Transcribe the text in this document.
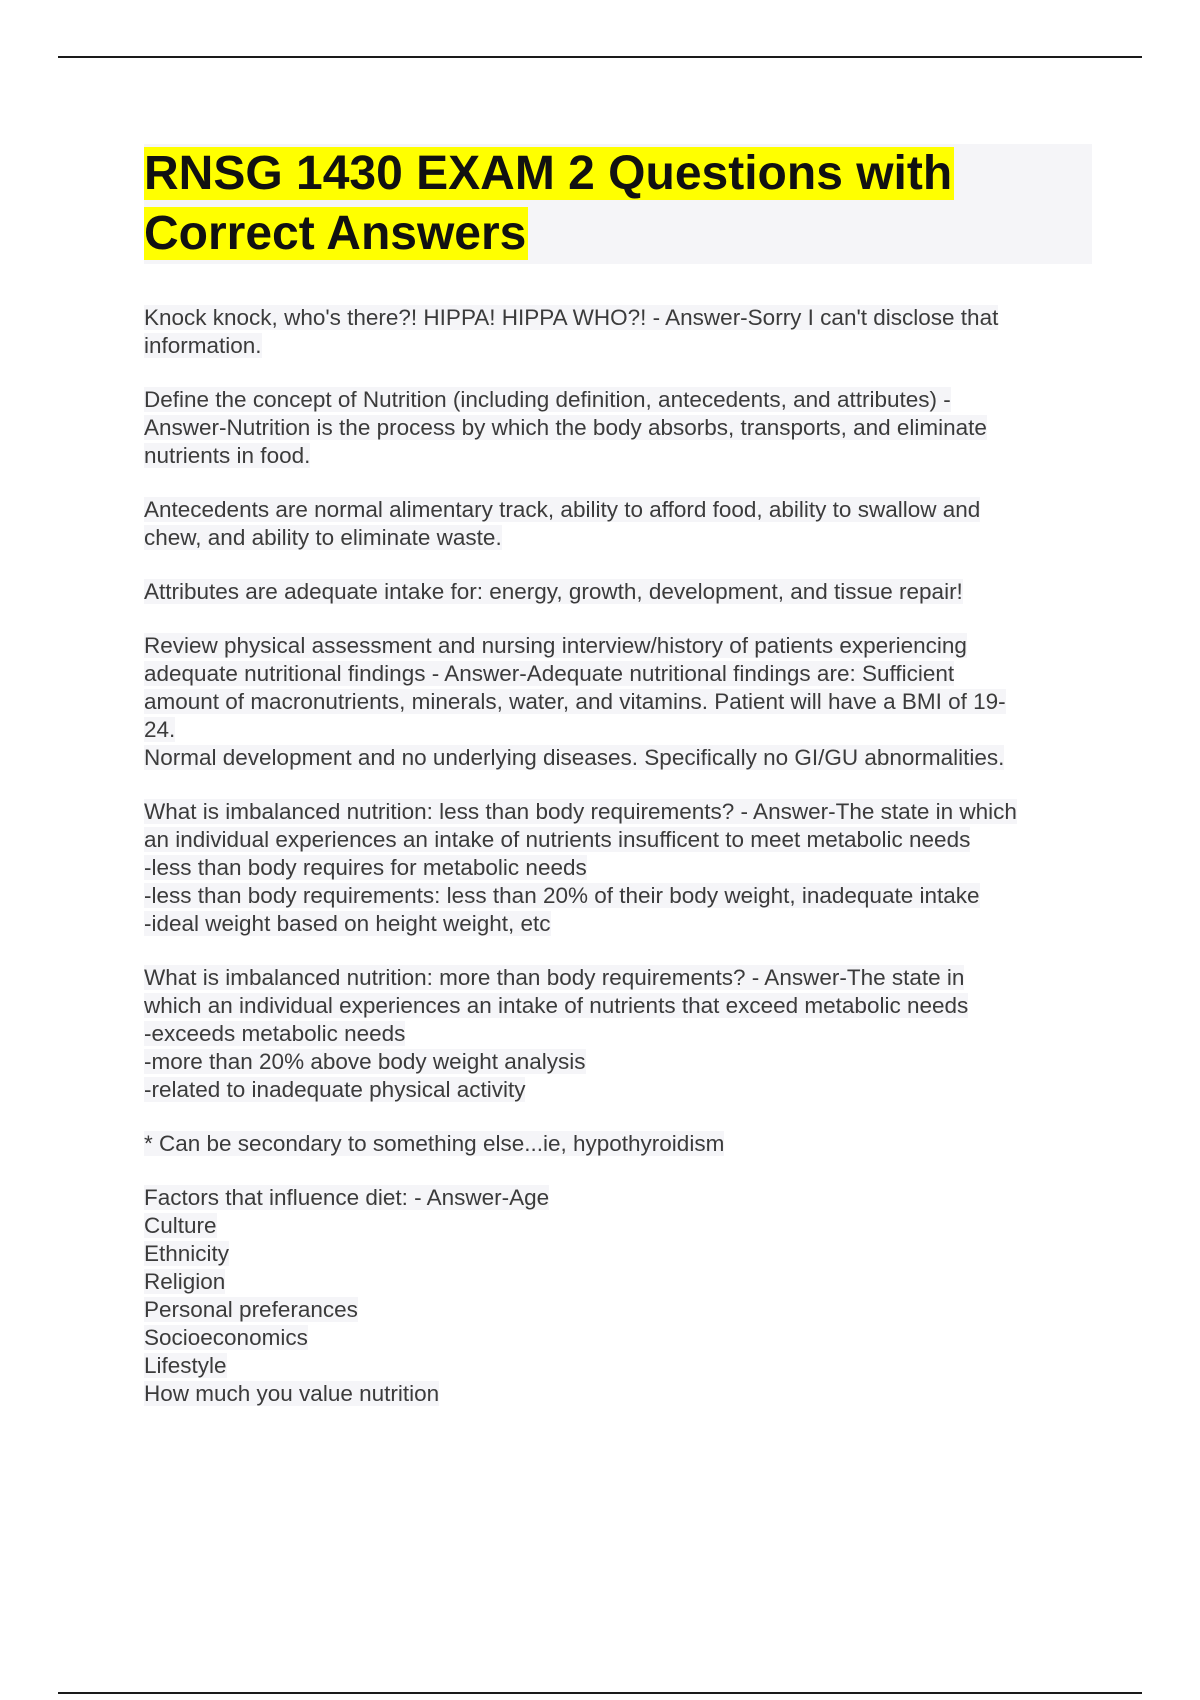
RNSG 1430 EXAM 2 Questions with
Correct Answers
Knock knock, who's there?! HIPPA! HIPPA WHO?! - Answer-Sorry I can't disclose that
information.
Define the concept of Nutrition (including definition, antecedents, and attributes) -
Answer-Nutrition is the process by which the body absorbs, transports, and eliminate
nutrients in food.
Antecedents are normal alimentary track, ability to afford food, ability to swallow and
chew, and ability to eliminate waste.
Attributes are adequate intake for: energy, growth, development, and tissue repair!
Review physical assessment and nursing interview/history of patients experiencing
adequate nutritional findings - Answer-Adequate nutritional findings are: Sufficient
amount of macronutrients, minerals, water, and vitamins. Patient will have a BMI of 19-
24.
Normal development and no underlying diseases. Specifically no GI/GU abnormalities.
What is imbalanced nutrition: less than body requirements? - Answer-The state in which
an individual experiences an intake of nutrients insufficent to meet metabolic needs
-less than body requires for metabolic needs
-less than body requirements: less than 20% of their body weight, inadequate intake
-ideal weight based on height weight, etc
What is imbalanced nutrition: more than body requirements? - Answer-The state in
which an individual experiences an intake of nutrients that exceed metabolic needs
-exceeds metabolic needs
-more than 20% above body weight analysis
-related to inadequate physical activity
* Can be secondary to something else...ie, hypothyroidism
Factors that influence diet: - Answer-Age
Culture
Ethnicity
Religion
Personal preferances
Socioeconomics
Lifestyle
How much you value nutrition
